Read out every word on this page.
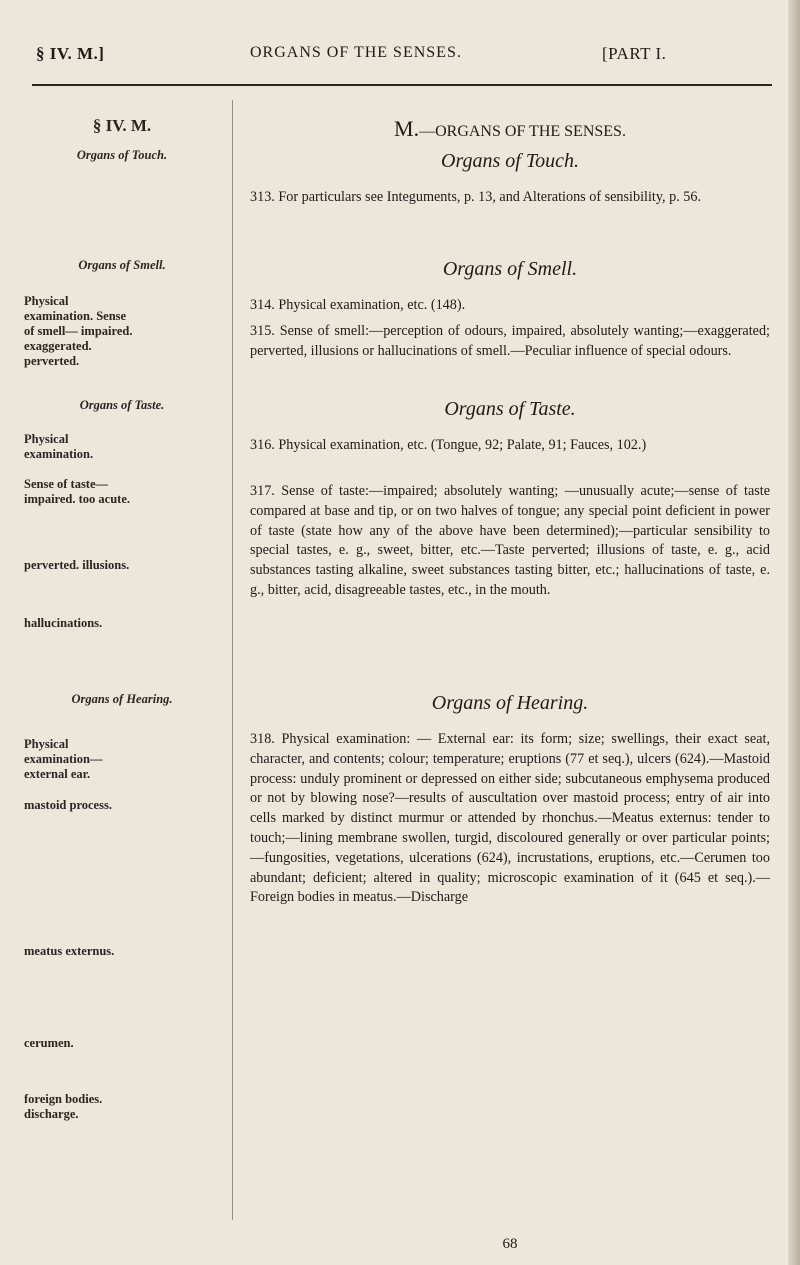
§ IV. M.]	ORGANS OF THE SENSES.	[PART I.
§ IV. M.
Organs of Touch.
Organs of Smell.
Physical examination. Sense of smell— impaired. exaggerated. perverted.
Organs of Taste.
Physical examination.
Sense of taste— impaired. too acute.
perverted. illusions.
hallucinations.
Organs of Hearing.
Physical examination— external ear.
mastoid process.
meatus externus.
cerumen.
foreign bodies. discharge.
M.—ORGANS OF THE SENSES.
Organs of Touch.
313. For particulars see Integuments, p. 13, and Alterations of sensibility, p. 56.
Organs of Smell.
314. Physical examination, etc. (148).
315. Sense of smell:—perception of odours, impaired, absolutely wanting;—exaggerated; perverted, illusions or hallucinations of smell.—Peculiar influence of special odours.
Organs of Taste.
316. Physical examination, etc. (Tongue, 92; Palate, 91; Fauces, 102.)
317. Sense of taste:—impaired; absolutely wanting; —unusually acute;—sense of taste compared at base and tip, or on two halves of tongue; any special point deficient in power of taste (state how any of the above have been determined);—particular sensibility to special tastes, e. g., sweet, bitter, etc.—Taste perverted; illusions of taste, e. g., acid substances tasting alkaline, sweet substances tasting bitter, etc.; hallucinations of taste, e. g., bitter, acid, disagreeable tastes, etc., in the mouth.
Organs of Hearing.
318. Physical examination: — External ear: its form; size; swellings, their exact seat, character, and contents; colour; temperature; eruptions (77 et seq.), ulcers (624).—Mastoid process: unduly prominent or depressed on either side; subcutaneous emphysema produced or not by blowing nose?—results of auscultation over mastoid process; entry of air into cells marked by distinct murmur or attended by rhonchus.—Meatus externus: tender to touch;—lining membrane swollen, turgid, discoloured generally or over particular points;—fungosities, vegetations, ulcerations (624), incrustations, eruptions, etc.—Cerumen too abundant; deficient; altered in quality; microscopic examination of it (645 et seq.).—Foreign bodies in meatus.—Discharge
68
